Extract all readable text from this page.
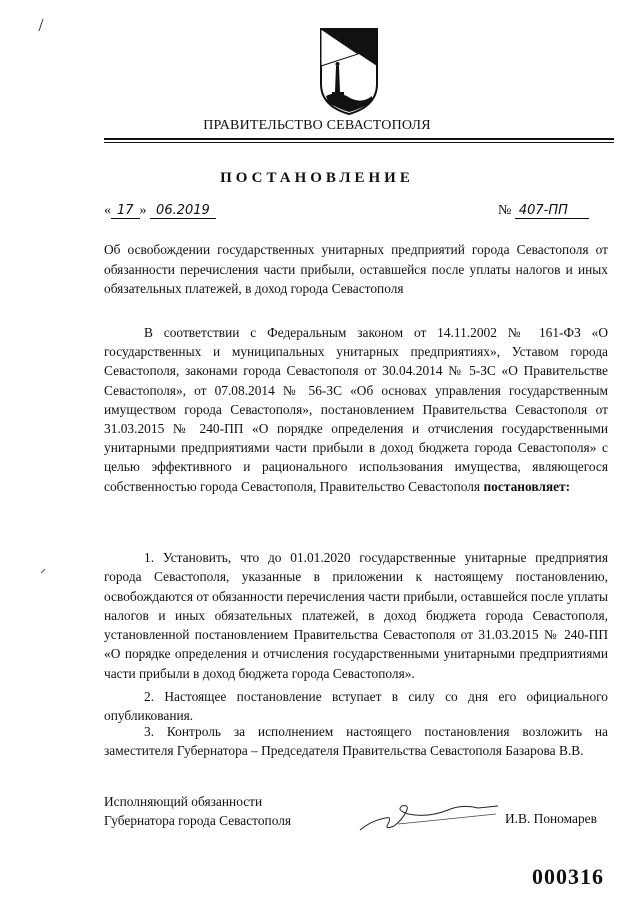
ПРАВИТЕЛЬСТВО СЕВАСТОПОЛЯ
ПОСТАНОВЛЕНИЕ
« 17 » 06.2019	№ 407-ПП
Об освобождении государственных унитарных предприятий города Севастополя от обязанности перечисления части прибыли, оставшейся после уплаты налогов и иных обязательных платежей, в доход города Севастополя
В соответствии с Федеральным законом от 14.11.2002 № 161-ФЗ «О государственных и муниципальных унитарных предприятиях», Уставом города Севастополя, законами города Севастополя от 30.04.2014 № 5-ЗС «О Правительстве Севастополя», от 07.08.2014 № 56-ЗС «Об основах управления государственным имуществом города Севастополя», постановлением Правительства Севастополя от 31.03.2015 № 240-ПП «О порядке определения и отчисления государственными унитарными предприятиями части прибыли в доход бюджета города Севастополя» с целью эффективного и рационального использования имущества, являющегося собственностью города Севастополя, Правительство Севастополя постановляет:
1. Установить, что до 01.01.2020 государственные унитарные предприятия города Севастополя, указанные в приложении к настоящему постановлению, освобождаются от обязанности перечисления части прибыли, оставшейся после уплаты налогов и иных обязательных платежей, в доход бюджета города Севастополя, установленной постановлением Правительства Севастополя от 31.03.2015 № 240-ПП «О порядке определения и отчисления государственными унитарными предприятиями части прибыли в доход бюджета города Севастополя».
2. Настоящее постановление вступает в силу со дня его официального опубликования.
3. Контроль за исполнением настоящего постановления возложить на заместителя Губернатора – Председателя Правительства Севастополя Базарова В.В.
Исполняющий обязанности
Губернатора города Севастополя	И.В. Пономарев
000316
